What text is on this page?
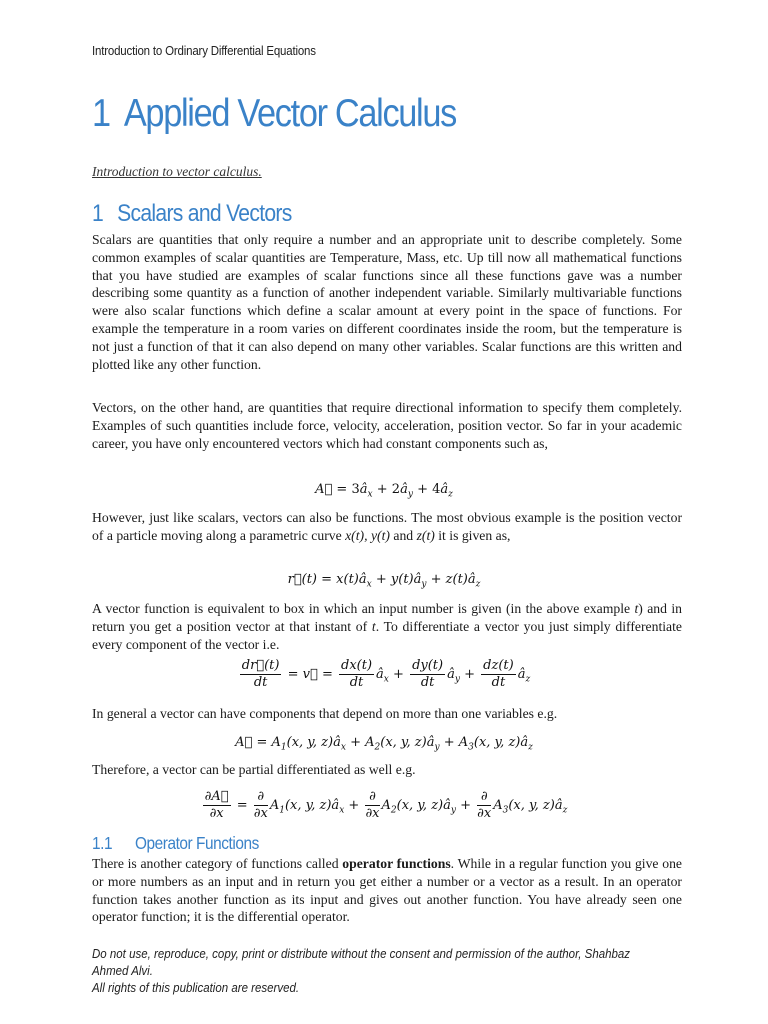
Introduction to Ordinary Differential Equations
1 Applied Vector Calculus
Introduction to vector calculus.
1 Scalars and Vectors
Scalars are quantities that only require a number and an appropriate unit to describe completely. Some common examples of scalar quantities are Temperature, Mass, etc. Up till now all mathematical functions that you have studied are examples of scalar functions since all these functions gave was a number describing some quantity as a function of another independent variable. Similarly multivariable functions were also scalar functions which define a scalar amount at every point in the space of functions. For example the temperature in a room varies on different coordinates inside the room, but the temperature is not just a function of that it can also depend on many other variables. Scalar functions are this written and plotted like any other function.
Vectors, on the other hand, are quantities that require directional information to specify them completely. Examples of such quantities include force, velocity, acceleration, position vector. So far in your academic career, you have only encountered vectors which had constant components such as,
A⃗ = $3â_x$ + $2â_y$ + $4â_z$
However, just like scalars, vectors can also be functions. The most obvious example is the position vector of a particle moving along a parametric curve x(t), y(t) and z(t) it is given as,
r⃗(t) = $x(t)â_x$ + $y(t)â_y$ + $z(t)â_z$
A vector function is equivalent to box in which an input number is given (in the above example t) and in return you get a position vector at that instant of t. To differentiate a vector you just simply differentiate every component of the vector i.e.
$\frac{dr⃗(t)}{dt}$ = v⃗ = $\frac{dx(t)}{dt}$ $â_x + \frac{dy(t)}{dt}$ $â_y + \frac{dz(t)}{dt}$ $â_z$
In general a vector can have components that depend on more than one variables e.g.
A⃗ = $A_1(x$, y, $z)â_x + A_2(x$, y, $z)â_y + A_3(x$, y, $z)â_z$
Therefore, a vector can be partial differentiated as well e.g.
$\frac{\partial A⃗}{\partial x} = \frac{\partial}{\partial x} A_1(x$, y, $z)â_x + \frac{\partial}{\partial x} A_2(x$, y, $z)â_y + \frac{\partial}{\partial x} A_3(x$, y, $z)â_z$
1.1 Operator Functions
There is another category of functions called operator functions. While in a regular function you give one or more numbers as an input and in return you get either a number or a vector as a result. In an operator function takes another function as its input and gives out another function. You have already seen one operator function; it is the differential operator.
Do not use, reproduce, copy, print or distribute without the consent and permission of the author, Shahbaz Ahmed Alvi.
All rights of this publication are reserved.
